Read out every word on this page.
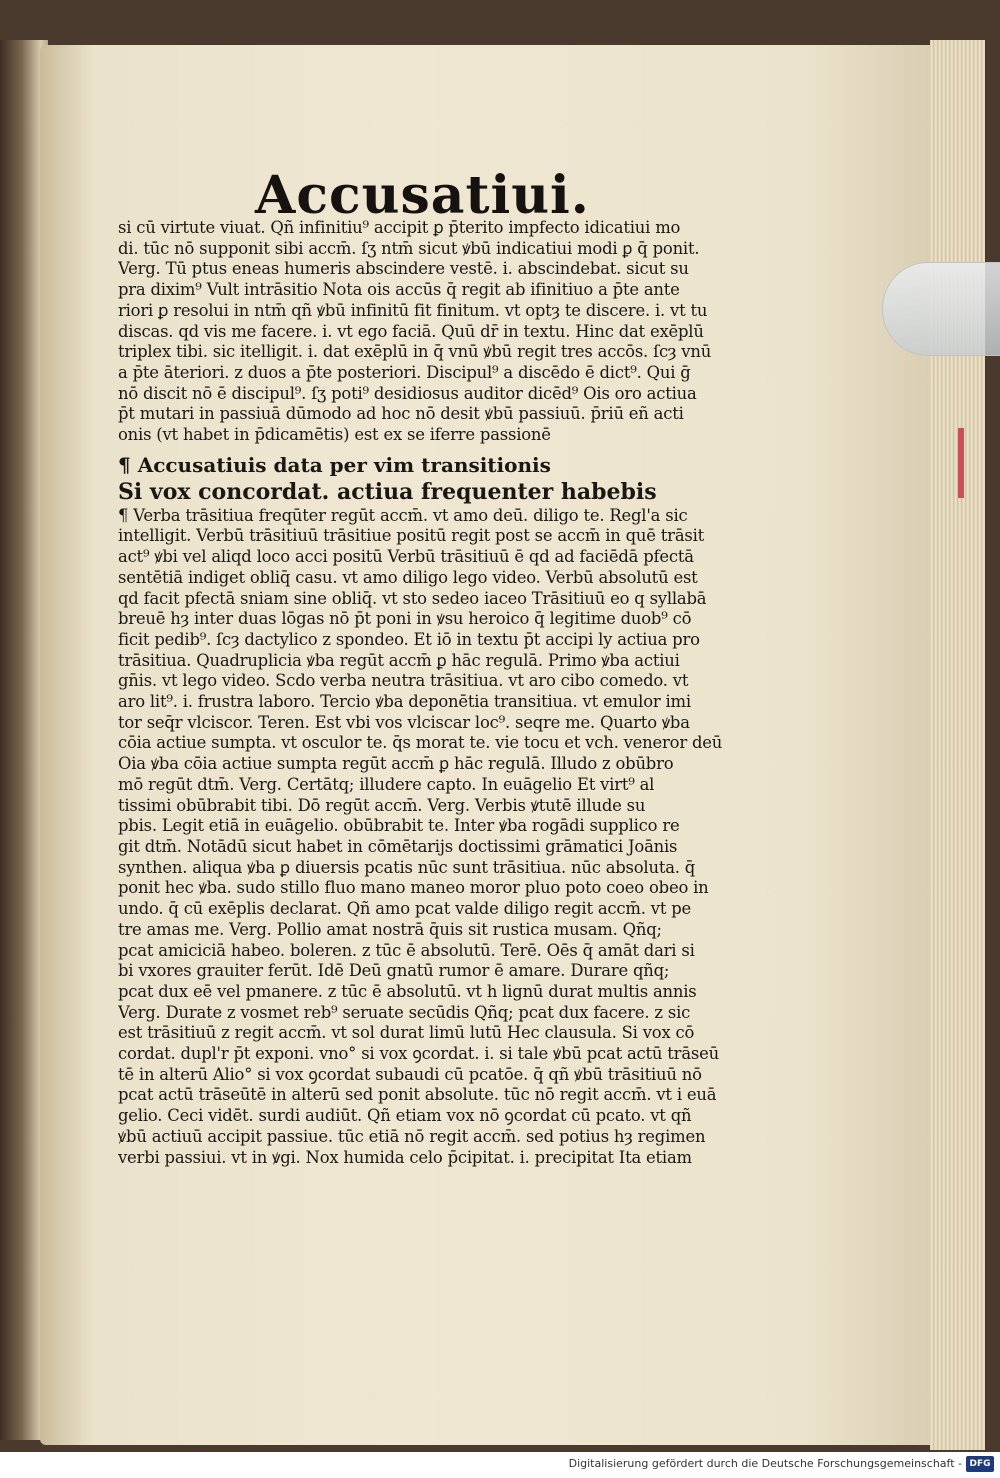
Accusatiui.
si cū virtute viuat. Qñ infinitiu⁹ accipit ꝑ p̄terito impfecto idicatiui mo
di. tūc nō supponit sibi accm̄. ſʒ ntm̄ sicut ꝟbū indicatiui modi ꝑ q̄ ponit.
Verg. Tū ptus eneas humeris abscindere vestē. i. abscindebat. sicut su
pra dixim⁹ Vult intrāsitio Nota ois accūs q̄ regit ab ifinitiuo a p̄te ante
riori ꝑ resolui in ntm̄ qñ ꝟbū infinitū fit finitum. vt optȝ te discere. i. vt tu
discas. qd vis me facere. i. vt ego faciā. Quū dr̄ in textu. Hinc dat exēplū
triplex tibi. sic itelligit. i. dat exēplū in q̄ vnū ꝟbū regit tres accōs. ſcȝ vnū
a p̄te āteriori. z duos a p̄te posteriori. Discipul⁹ a discēdo ē dict⁹. Qui ḡ
nō discit nō ē discipul⁹. ſʒ poti⁹ desidiosus auditor dicēd⁹ Ois oro actiua
p̄t mutari in passiuā dūmodo ad hoc nō desit ꝟbū passiuū. p̄riū eñ acti
onis (vt habet in p̄dicamētis) est ex se iferre passionē
¶ Accusatiuis data per vim transitionis
Si vox concordat. actiua frequenter habebis
¶ Verba trāsitiua freqūter regūt accm̄. vt amo deū. diligo te. Regl'a sic
intelligit. Verbū trāsitiuū trāsitiue positū regit post se accm̄ in quē trāsit
act⁹ ꝟbi vel aliqd loco acci positū Verbū trāsitiuū ē qd ad faciēdā pfectā
sentētiā indiget obliq̄ casu. vt amo diligo lego video. Verbū absolutū est
qd facit pfectā sniam sine obliq̄. vt sto sedeo iaceo Trāsitiuū eo q syllabā
breuē hȝ inter duas lōgas nō p̄t poni in ꝟsu heroico q̄ legitime duob⁹ cō
ficit pedib⁹. ſcȝ dactylico z spondeo. Et iō in textu p̄t accipi ly actiua pro
trāsitiua. Quadruplicia ꝟba regūt accm̄ ꝑ hāc regulā. Primo ꝟba actiui
gn̄is. vt lego video. Scd̄o verba neutra trāsitiua. vt aro cibo comedo. vt
aro lit⁹. i. frustra laboro. Tercio ꝟba deponētia transitiua. vt emulor imi
tor seq̄r vlciscor. Teren. Est vbi vos vlciscar loc⁹. seqre me. Quarto ꝟba
cōia actiue sumpta. vt osculor te. q̄s morat te. vie tocu et vch. veneror deū
Oia ꝟba cōia actiue sumpta regūt accm̄ ꝑ hāc regulā. Illudo z obūbro
mō regūt dtm̄. Verg. Certātq; illudere capto. In euāgelio Et virt⁹ al
tissimi obūbrabit tibi. Dō regūt accm̄. Verg. Verbis ꝟtutē illude su
pbis. Legit etiā in euāgelio. obūbrabit te. Inter ꝟba rogādi supplico re
git dtm̄. Notādū sicut habet in cōmētarijs doctissimi grāmatici Joānis
synthen. aliqua ꝟba ꝑ diuersis pcatis nūc sunt trāsitiua. nūc absoluta. q̄
ponit hec ꝟba. sudo stillo fluo mano maneo moror pluo poto coeo obeo in
undo. q̄ cū exēplis declarat. Qñ amo pcat valde diligo regit accm̄. vt pe
tre amas me. Verg. Pollio amat nostrā q̄uis sit rustica musam. Qñq;
pcat amiciciā habeo. boleren. z tūc ē absolutū. Terē. Oēs q̄ amāt dari si
bi vxores grauiter ferūt. Idē Deū gnatū rumor ē amare. Durare qñq;
pcat dux eē vel pmanere. z tūc ē absolutū. vt h lignū durat multis annis
Verg. Durate z vosmet reb⁹ seruate secūdis Qñq; pcat dux facere. z sic
est trāsitiuū z regit accm̄. vt sol durat limū lutū Hec clausula. Si vox cō
cordat. dupl'r p̄t exponi. vno° si vox ꝯcordat. i. si tale ꝟbū pcat actū trāseū
tē in alterū Alio° si vox ꝯcordat subaudi cū pcatōe. q̄ qñ ꝟbū trāsitiuū nō
pcat actū trāseūtē in alterū sed ponit absolute. tūc nō regit accm̄. vt i euā
gelio. Ceci vidēt. surdi audiūt. Qñ etiam vox nō ꝯcordat cū pcato. vt qñ
ꝟbū actiuū accipit passiue. tūc etiā nō regit accm̄. sed potius hȝ regimen
verbi passiui. vt in ꝟgi. Nox humida celo p̄cipitat. i. precipitat Ita etiam
Digitalisierung gefördert durch die Deutsche Forschungsgemeinschaft - DFG
